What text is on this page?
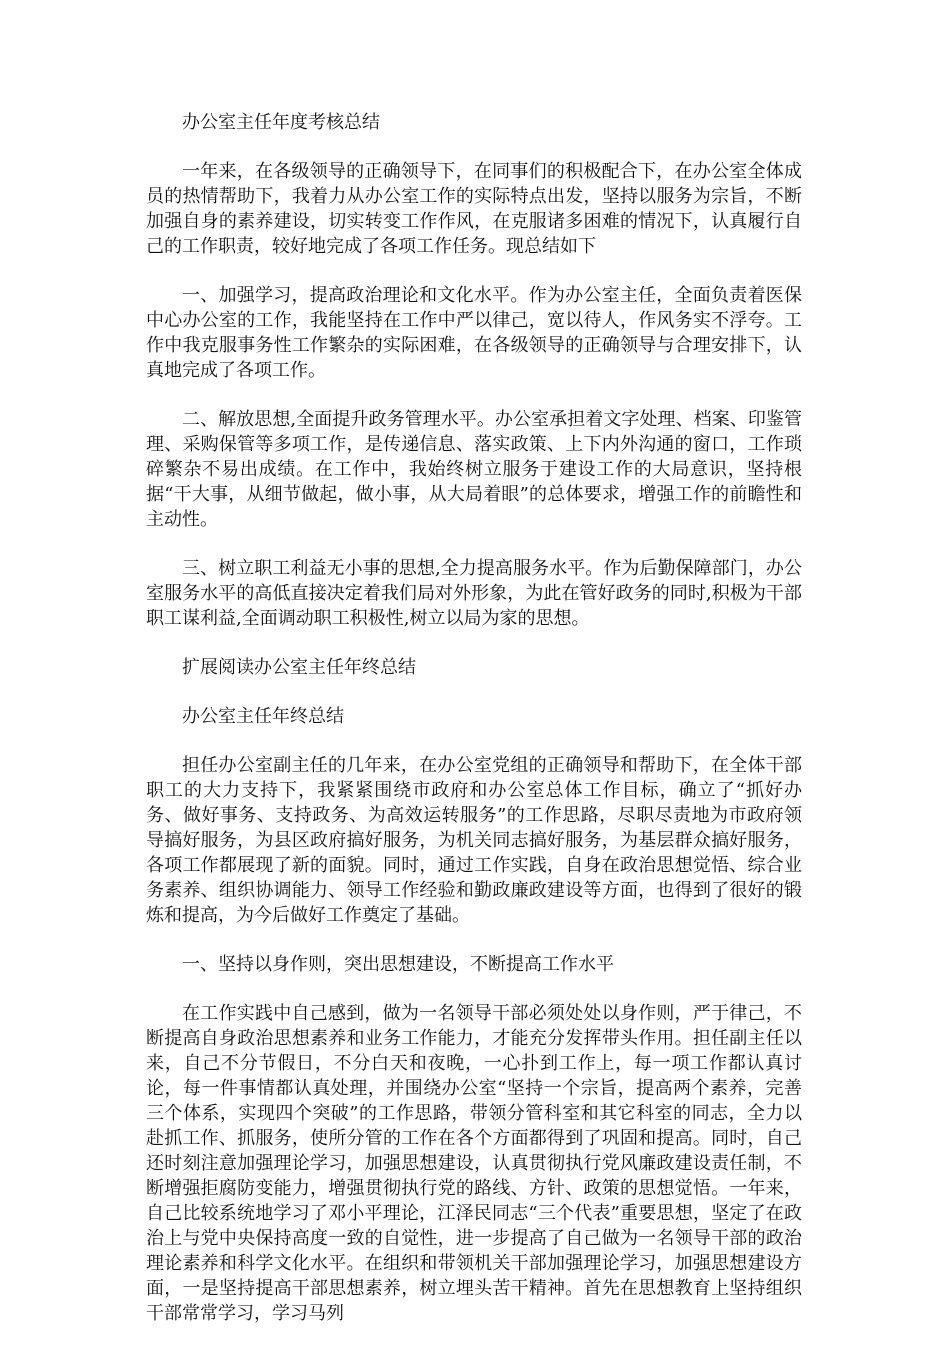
办公室主任年度考核总结

一年来，在各级领导的正确领导下，在同事们的积极配合下，在办公室全体成员的热情帮助下，我着力从办公室工作的实际特点出发，坚持以服务为宗旨，不断加强自身的素养建设，切实转变工作作风，在克服诸多困难的情况下，认真履行自己的工作职责，较好地完成了各项工作任务。现总结如下

一、加强学习，提高政治理论和文化水平。作为办公室主任，全面负责着医保中心办公室的工作，我能坚持在工作中严以律己，宽以待人，作风务实不浮夸。工作中我克服事务性工作繁杂的实际困难，在各级领导的正确领导与合理安排下，认真地完成了各项工作。

二、解放思想,全面提升政务管理水平。办公室承担着文字处理、档案、印鉴管理、采购保管等多项工作，是传递信息、落实政策、上下内外沟通的窗口，工作琐碎繁杂不易出成绩。在工作中，我始终树立服务于建设工作的大局意识，坚持根据“干大事，从细节做起，做小事，从大局着眼”的总体要求，增强工作的前瞻性和主动性。

三、树立职工利益无小事的思想,全力提高服务水平。作为后勤保障部门，办公室服务水平的高低直接决定着我们局对外形象，为此在管好政务的同时,积极为干部职工谋利益,全面调动职工积极性,树立以局为家的思想。

扩展阅读办公室主任年终总结

办公室主任年终总结

担任办公室副主任的几年来，在办公室党组的正确领导和帮助下，在全体干部职工的大力支持下，我紧紧围绕市政府和办公室总体工作目标，确立了“抓好办务、做好事务、支持政务、为高效运转服务”的工作思路，尽职尽责地为市政府领导搞好服务，为县区政府搞好服务，为机关同志搞好服务，为基层群众搞好服务，各项工作都展现了新的面貌。同时，通过工作实践，自身在政治思想觉悟、综合业务素养、组织协调能力、领导工作经验和勤政廉政建设等方面，也得到了很好的锻炼和提高，为今后做好工作奠定了基础。

一、坚持以身作则，突出思想建设，不断提高工作水平

在工作实践中自己感到，做为一名领导干部必须处处以身作则，严于律己，不断提高自身政治思想素养和业务工作能力，才能充分发挥带头作用。担任副主任以来，自己不分节假日，不分白天和夜晚，一心扑到工作上，每一项工作都认真讨论，每一件事情都认真处理，并围绕办公室“坚持一个宗旨，提高两个素养，完善三个体系，实现四个突破”的工作思路，带领分管科室和其它科室的同志，全力以赴抓工作、抓服务，使所分管的工作在各个方面都得到了巩固和提高。同时，自己还时刻注意加强理论学习，加强思想建设，认真贯彻执行党风廉政建设责任制，不断增强拒腐防变能力，增强贯彻执行党的路线、方针、政策的思想觉悟。一年来，自己比较系统地学习了邓小平理论，江泽民同志“三个代表”重要思想，坚定了在政治上与党中央保持高度一致的自觉性，进一步提高了自己做为一名领导干部的政治理论素养和科学文化水平。在组织和带领机关干部加强理论学习，加强思想建设方面，一是坚持提高干部思想素养，树立埋头苦干精神。首先在思想教育上坚持组织干部常常学习，学习马列
